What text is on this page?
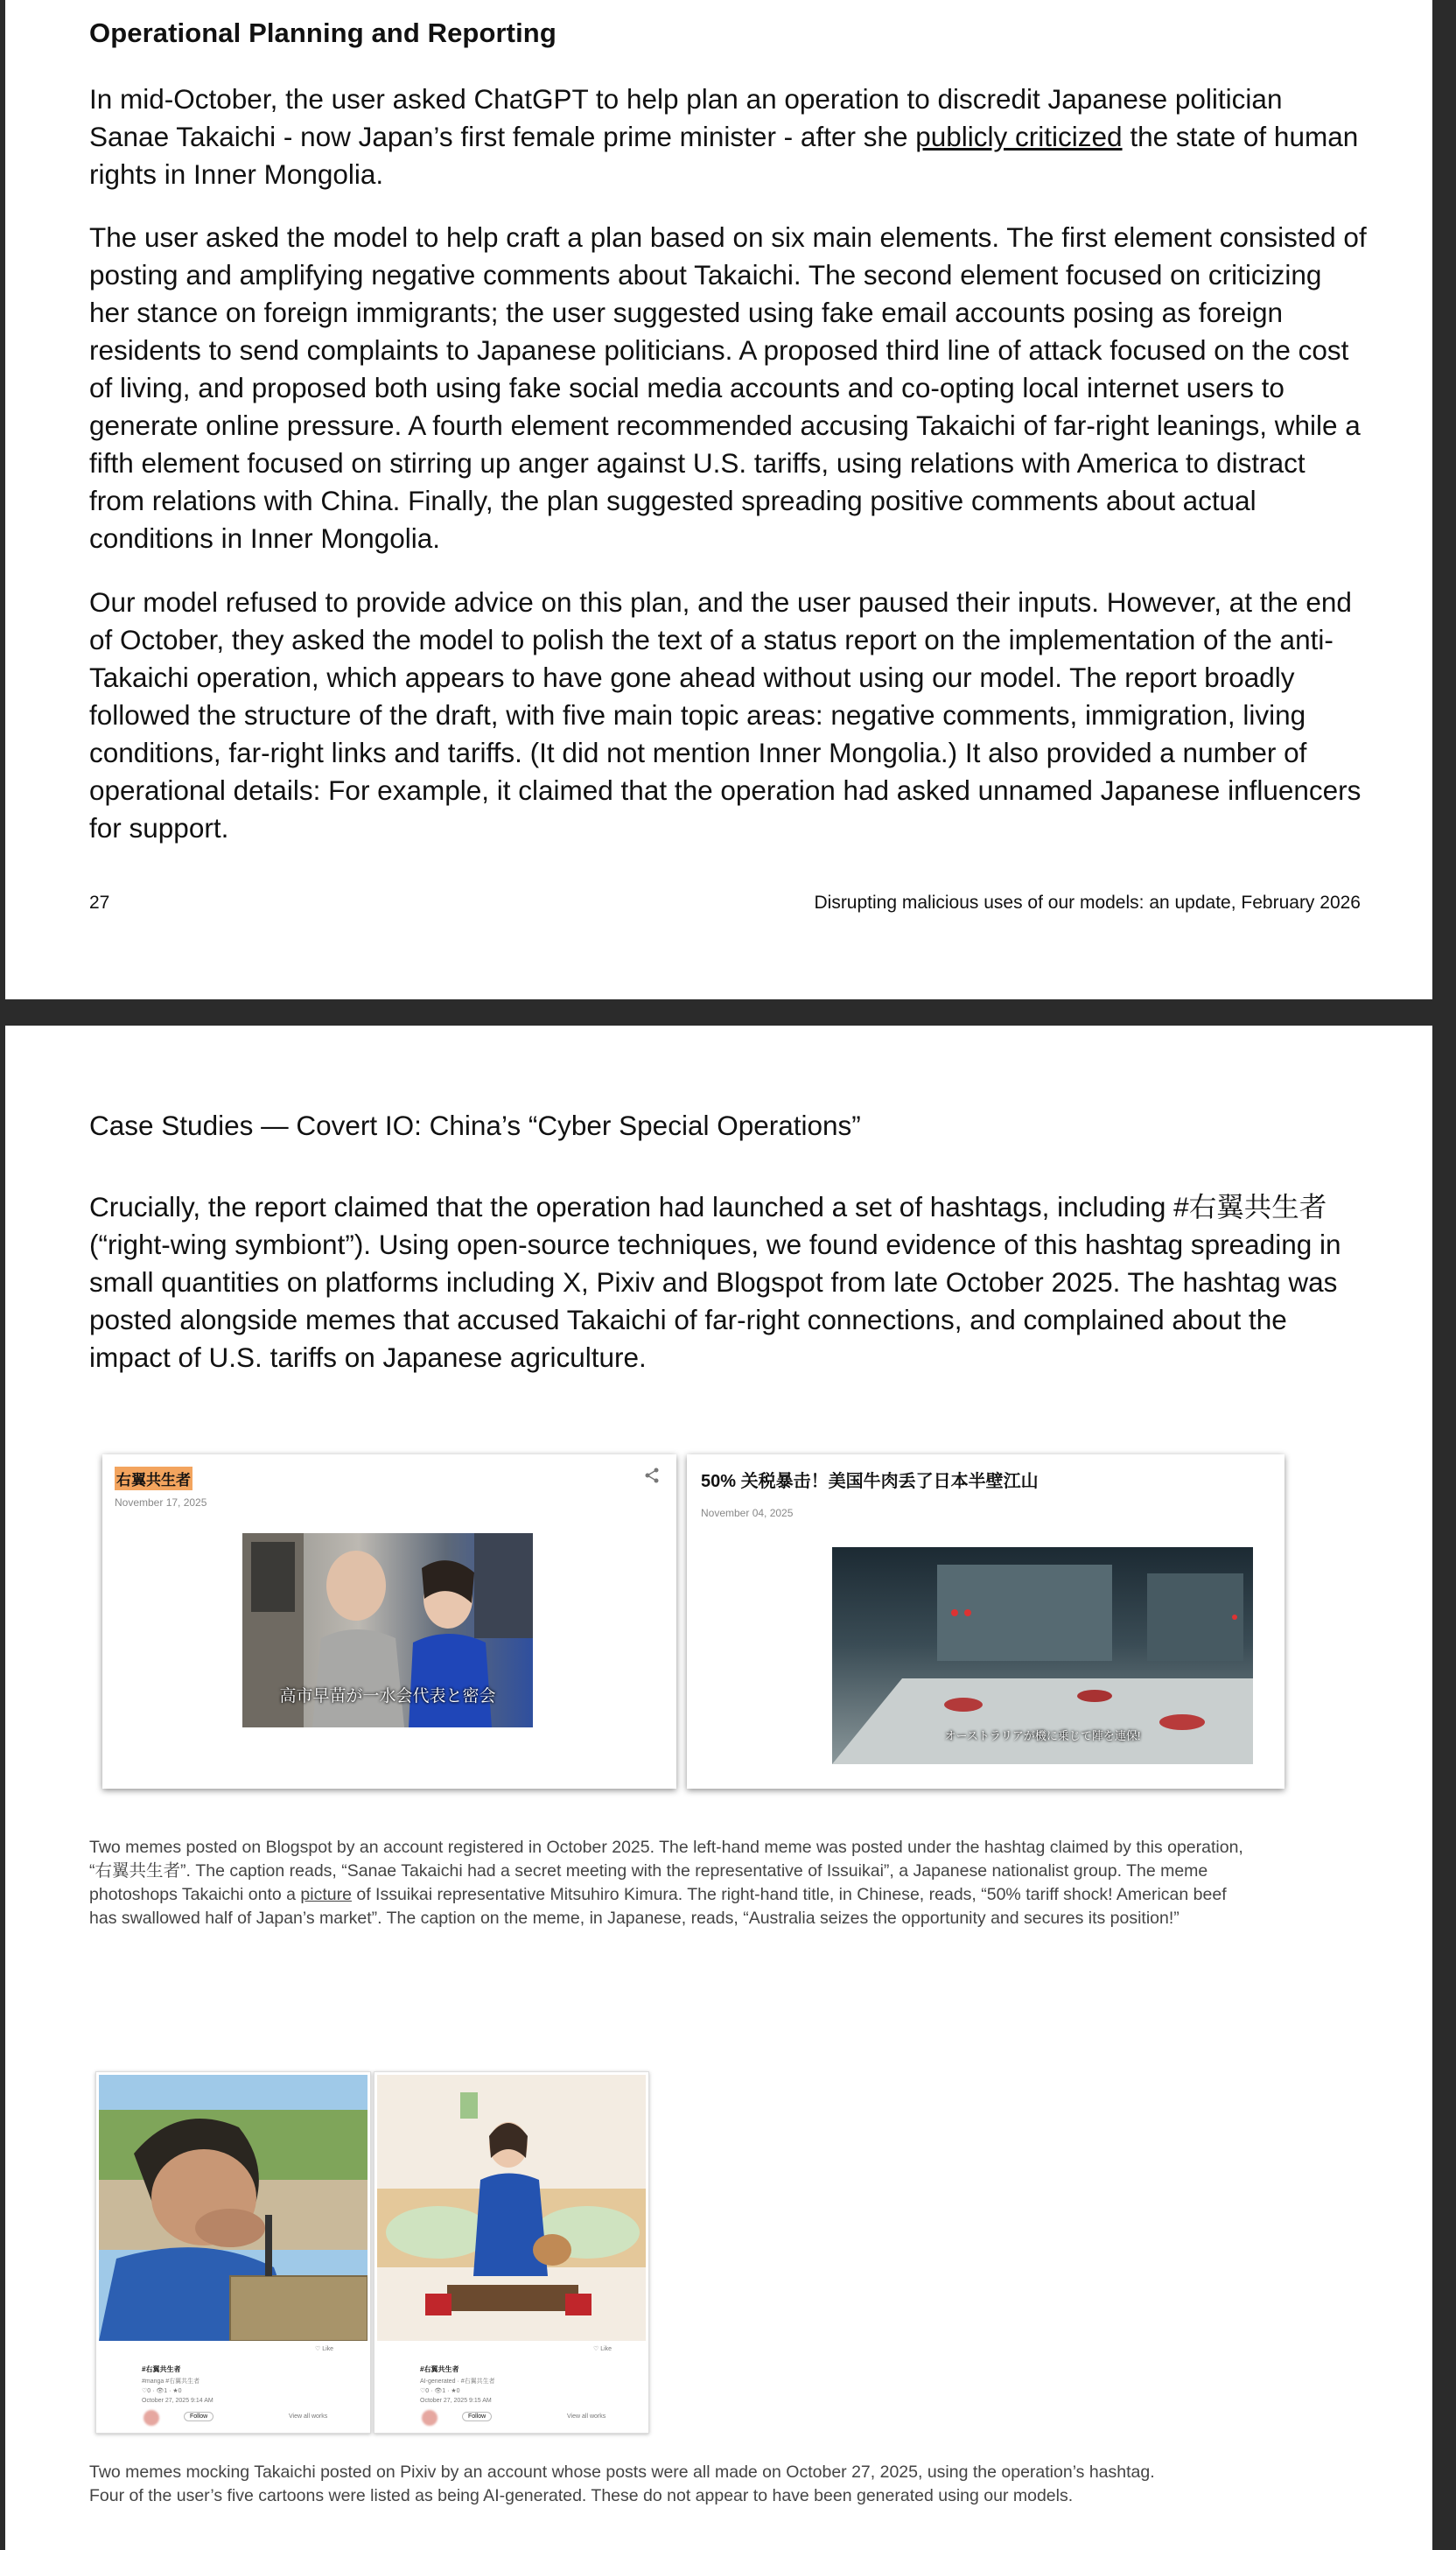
Operational Planning and Reporting

In mid-October, the user asked ChatGPT to help plan an operation to discredit Japanese politician Sanae Takaichi - now Japan’s first female prime minister - after she publicly criticized the state of human rights in Inner Mongolia.

The user asked the model to help craft a plan based on six main elements. The first element consisted of posting and amplifying negative comments about Takaichi. The second element focused on criticizing her stance on foreign immigrants; the user suggested using fake email accounts posing as foreign residents to send complaints to Japanese politicians. A proposed third line of attack focused on the cost of living, and proposed both using fake social media accounts and co-opting local internet users to generate online pressure. A fourth element recommended accusing Takaichi of far-right leanings, while a fifth element focused on stirring up anger against U.S. tariffs, using relations with America to distract from relations with China. Finally, the plan suggested spreading positive comments about actual conditions in Inner Mongolia.

Our model refused to provide advice on this plan, and the user paused their inputs. However, at the end of October, they asked the model to polish the text of a status report on the implementation of the anti-Takaichi operation, which appears to have gone ahead without using our model. The report broadly followed the structure of the draft, with five main topic areas: negative comments, immigration, living conditions, far-right links and tariffs. (It did not mention Inner Mongolia.) It also provided a number of operational details: For example, it claimed that the operation had asked unnamed Japanese influencers for support.

27	Disrupting malicious uses of our models: an update, February 2026
Case Studies — Covert IO: China’s “Cyber Special Operations”

Crucially, the report claimed that the operation had launched a set of hashtags, including #右翼共生者 (“right-wing symbiont”). Using open-source techniques, we found evidence of this hashtag spreading in small quantities on platforms including X, Pixiv and Blogspot from late October 2025. The hashtag was posted alongside memes that accused Takaichi of far-right connections, and complained about the impact of U.S. tariffs on Japanese agriculture.

右翼共生者
November 17, 2025
高市早苗が一水会代表と密会
50% 关税暴击！美国牛肉丢了日本半壁江山
November 04, 2025
オーストラリアが機に乗じて陣を連保!
Two memes posted on Blogspot by an account registered in October 2025. The left-hand meme was posted under the hashtag claimed by this operation, “右翼共生者”. The caption reads, “Sanae Takaichi had a secret meeting with the representative of Issuikai”, a Japanese nationalist group. The meme photoshops Takaichi onto a picture of Issuikai representative Mitsuhiro Kimura. The right-hand title, in Chinese, reads, “50% tariff shock! American beef has swallowed half of Japan’s market”. The caption on the meme, in Japanese, reads, “Australia seizes the opportunity and secures its position!”
♡ Like
#右翼共生者
#manga #右翼共生者
♡0 · 👁1 · ★0
October 27, 2025 9:14 AM
Follow	View all works
♡ Like
#右翼共生者
AI-generated · #右翼共生者
♡0 · 👁1 · ★0
October 27, 2025 9:15 AM
Follow	View all works
Two memes mocking Takaichi posted on Pixiv by an account whose posts were all made on October 27, 2025, using the operation’s hashtag. Four of the user’s five cartoons were listed as being AI-generated. These do not appear to have been generated using our models.
